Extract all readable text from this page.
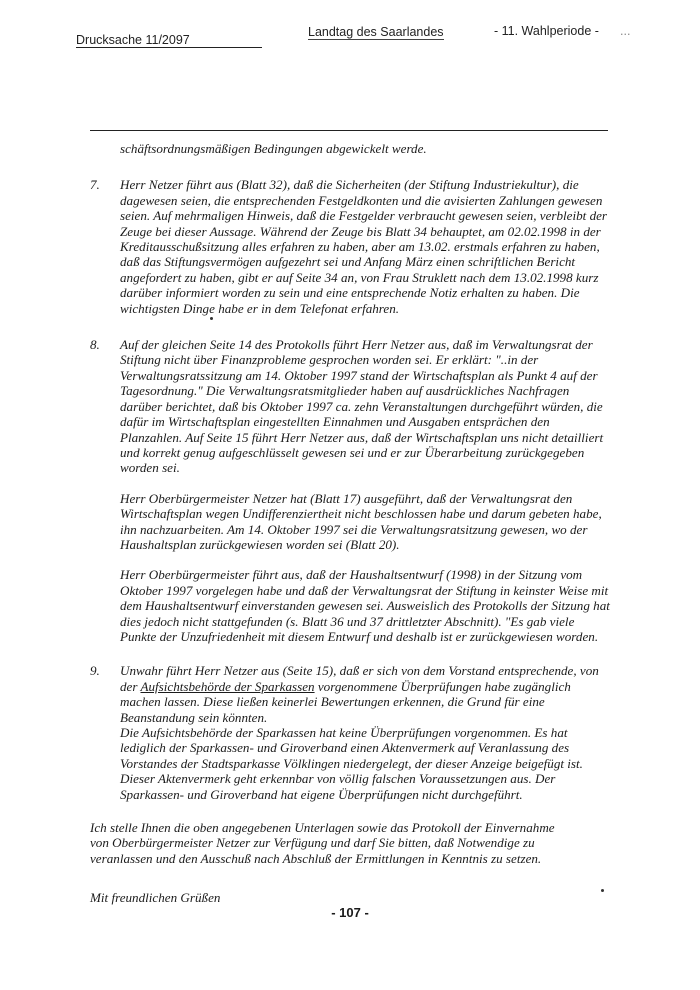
Drucksache 11/2097
Landtag des Saarlandes	- 11. Wahlperiode - ...

schäftsordnungsmäßigen Bedingungen abgewickelt werde.

7.	Herr Netzer führt aus (Blatt 32), daß die Sicherheiten (der Stiftung Industriekultur), die dagewesen seien, die entsprechenden Festgeldkonten und die avisierten Zahlungen gewesen seien. Auf mehrmaligen Hinweis, daß die Festgelder verbraucht gewesen seien, verbleibt der Zeuge bei dieser Aussage. Während der Zeuge bis Blatt 34 behauptet, am 02.02.1998 in der Kreditausschußsitzung alles erfahren zu haben, aber am 13.02. erstmals erfahren zu haben, daß das Stiftungsvermögen aufgezehrt sei und Anfang März einen schriftlichen Bericht angefordert zu haben, gibt er auf Seite 34 an, von Frau Struklett nach dem 13.02.1998 kurz darüber informiert worden zu sein und eine entsprechende Notiz erhalten zu haben. Die wichtigsten Dinge habe er in dem Telefonat erfahren.

8.	Auf der gleichen Seite 14 des Protokolls führt Herr Netzer aus, daß im Verwaltungsrat der Stiftung nicht über Finanzprobleme gesprochen worden sei. Er erklärt: "..in der Verwaltungsratssitzung am 14. Oktober 1997 stand der Wirtschaftsplan als Punkt 4 auf der Tagesordnung." Die Verwaltungsratsmitglieder haben auf ausdrückliches Nachfragen darüber berichtet, daß bis Oktober 1997 ca. zehn Veranstaltungen durchgeführt würden, die dafür im Wirtschaftsplan eingestellten Einnahmen und Ausgaben entsprächen den Planzahlen. Auf Seite 15 führt Herr Netzer aus, daß der Wirtschaftsplan uns nicht detailliert und korrekt genug aufgeschlüsselt gewesen sei und er zur Überarbeitung zurückgegeben worden sei.

Herr Oberbürgermeister Netzer hat (Blatt 17) ausgeführt, daß der Verwaltungsrat den Wirtschaftsplan wegen Undifferenziertheit nicht beschlossen habe und darum gebeten habe, ihn nachzuarbeiten. Am 14. Oktober 1997 sei die Verwaltungsratsitzung gewesen, wo der Haushaltsplan zurückgewiesen worden sei (Blatt 20).

Herr Oberbürgermeister führt aus, daß der Haushaltsentwurf (1998) in der Sitzung vom Oktober 1997 vorgelegen habe und daß der Verwaltungsrat der Stiftung in keinster Weise mit dem Haushaltsentwurf einverstanden gewesen sei. Ausweislich des Protokolls der Sitzung hat dies jedoch nicht stattgefunden (s. Blatt 36 und 37 drittletzter Abschnitt). "Es gab viele Punkte der Unzufriedenheit mit diesem Entwurf und deshalb ist er zurückgewiesen worden.

9.	Unwahr führt Herr Netzer aus (Seite 15), daß er sich von dem Vorstand entsprechende, von der Aufsichtsbehörde der Sparkassen vorgenommene Überprüfungen habe zugänglich machen lassen. Diese ließen keinerlei Bewertungen erkennen, die Grund für eine Beanstandung sein könnten.

Die Aufsichtsbehörde der Sparkassen hat keine Überprüfungen vorgenommen. Es hat lediglich der Sparkassen- und Giroverband einen Aktenvermerk auf Veranlassung des Vorstandes der Stadtsparkasse Völklingen niedergelegt, der dieser Anzeige beigefügt ist. Dieser Aktenvermerk geht erkennbar von völlig falschen Voraussetzungen aus. Der Sparkassen- und Giroverband hat eigene Überprüfungen nicht durchgeführt.

Ich stelle Ihnen die oben angegebenen Unterlagen sowie das Protokoll der Einvernahme von Oberbürgermeister Netzer zur Verfügung und darf Sie bitten, daß Notwendige zu veranlassen und den Ausschuß nach Abschluß der Ermittlungen in Kenntnis zu setzen.

Mit freundlichen Grüßen

- 107 -
